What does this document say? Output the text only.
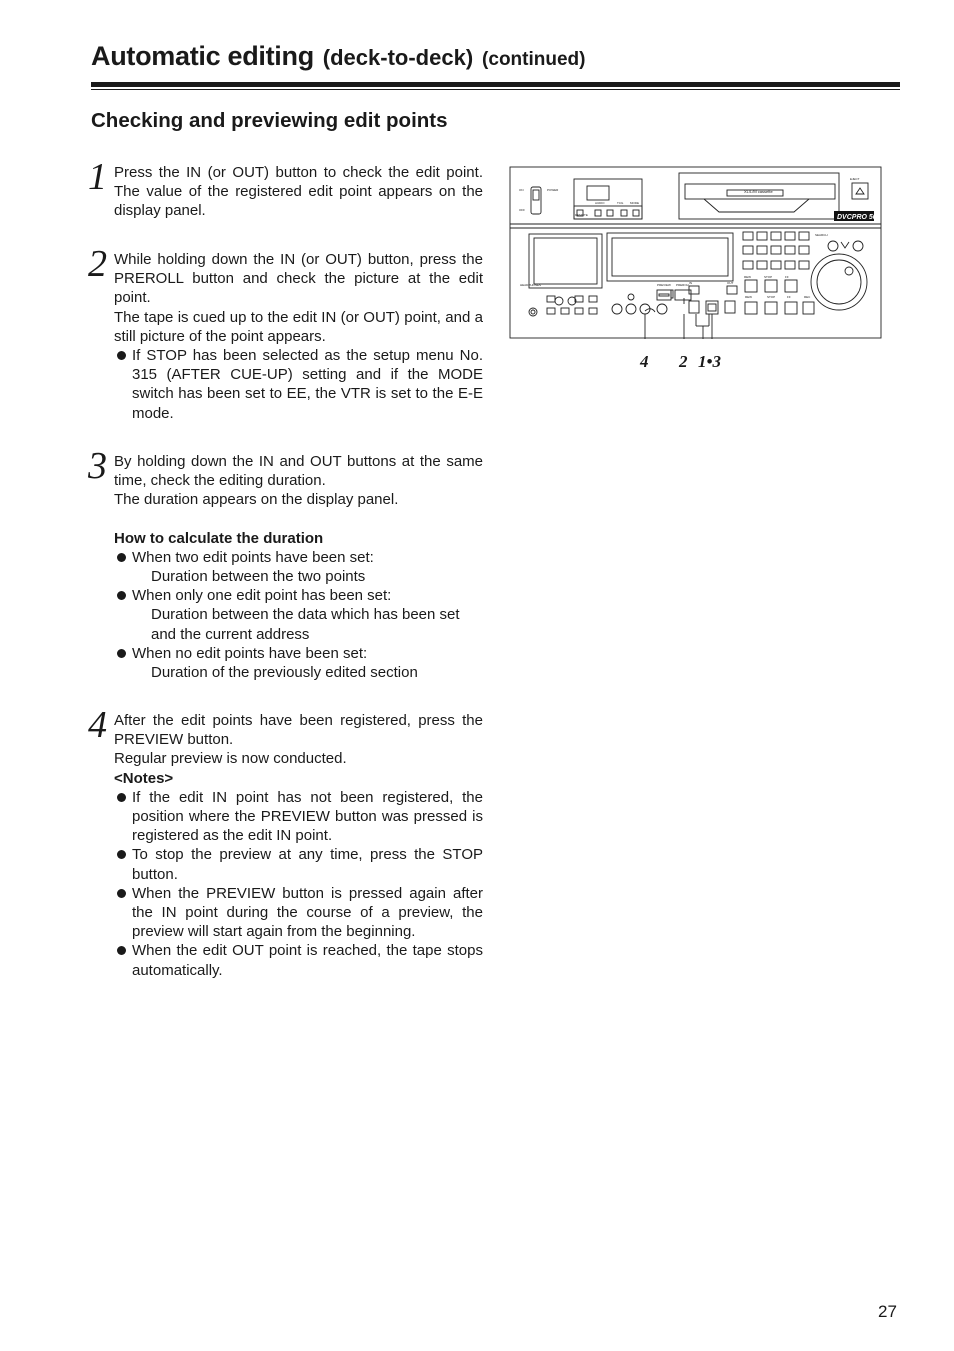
Automatic editing (deck-to-deck) (continued)
Checking and previewing edit points
1 Press the IN (or OUT) button to check the edit point. The value of the registered edit point appears on the display panel.

2 While holding down the IN (or OUT) button, press the PREROLL button and check the picture at the edit point.

The tape is cued up to the edit IN (or OUT) point, and a still picture of the point appears.

If STOP has been selected as the setup menu No. 315 (AFTER CUE-UP) setting and if the MODE switch has been set to EE, the VTR is set to the E-E mode.
3 By holding down the IN and OUT buttons at the same time, check the editing duration.

The duration appears on the display panel.

How to calculate the duration

When two edit points have been set:
Duration between the two points
When only one edit point has been set:
Duration between the data which has been set and the current address
When no edit points have been set:
Duration of the previously edited section
4 After the edit points have been registered, press the PREVIEW button.

Regular preview is now conducted.

<Notes>

If the edit IN point has not been registered, the position where the PREVIEW button was pressed is registered as the edit IN point.
To stop the preview at any time, press the STOP button.
When the PREVIEW button is pressed again after the IN point during the course of a preview, the preview will start again from the beginning.
When the edit OUT point is reached, the tape stops automatically.
ON
OFF
POWER
REMOTE
AUDIO	TCG MODE
EJECT
SEARCH
REW	STOP	FF
REW	STOP	FF	REC
IN	OUT
PREVIEW PREROLL
HEADPHONES
XL/L/M cassette
DVCPRO 50
4 2 1•3
27
